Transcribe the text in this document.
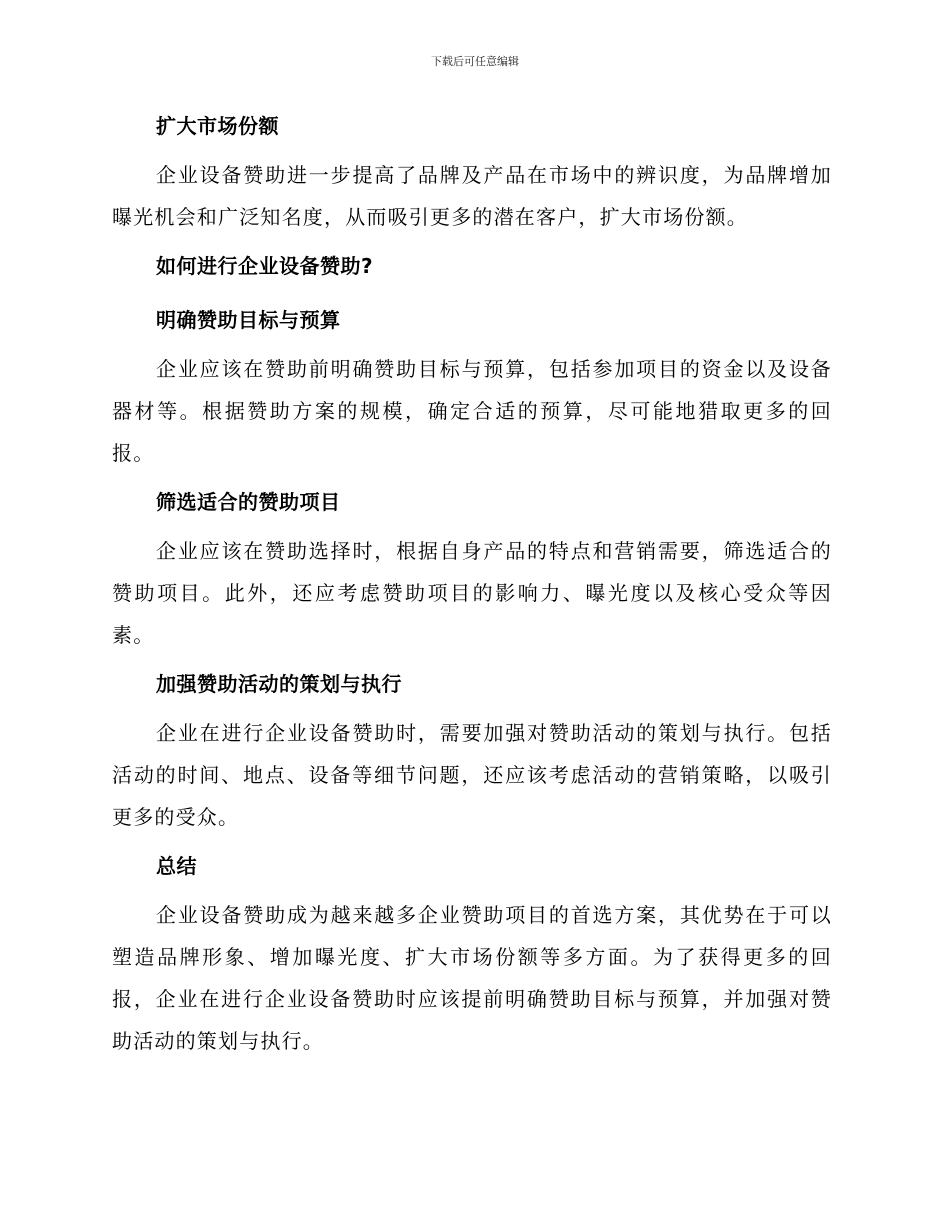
下载后可任意编辑

扩大市场份额

企业设备赞助进一步提高了品牌及产品在市场中的辨识度，为品牌增加曝光机会和广泛知名度，从而吸引更多的潜在客户，扩大市场份额。

如何进行企业设备赞助?

明确赞助目标与预算

企业应该在赞助前明确赞助目标与预算，包括参加项目的资金以及设备器材等。根据赞助方案的规模，确定合适的预算，尽可能地猎取更多的回报。

筛选适合的赞助项目

企业应该在赞助选择时，根据自身产品的特点和营销需要，筛选适合的赞助项目。此外，还应考虑赞助项目的影响力、曝光度以及核心受众等因素。

加强赞助活动的策划与执行

企业在进行企业设备赞助时，需要加强对赞助活动的策划与执行。包括活动的时间、地点、设备等细节问题，还应该考虑活动的营销策略，以吸引更多的受众。

总结

企业设备赞助成为越来越多企业赞助项目的首选方案，其优势在于可以塑造品牌形象、增加曝光度、扩大市场份额等多方面。为了获得更多的回报，企业在进行企业设备赞助时应该提前明确赞助目标与预算，并加强对赞助活动的策划与执行。
